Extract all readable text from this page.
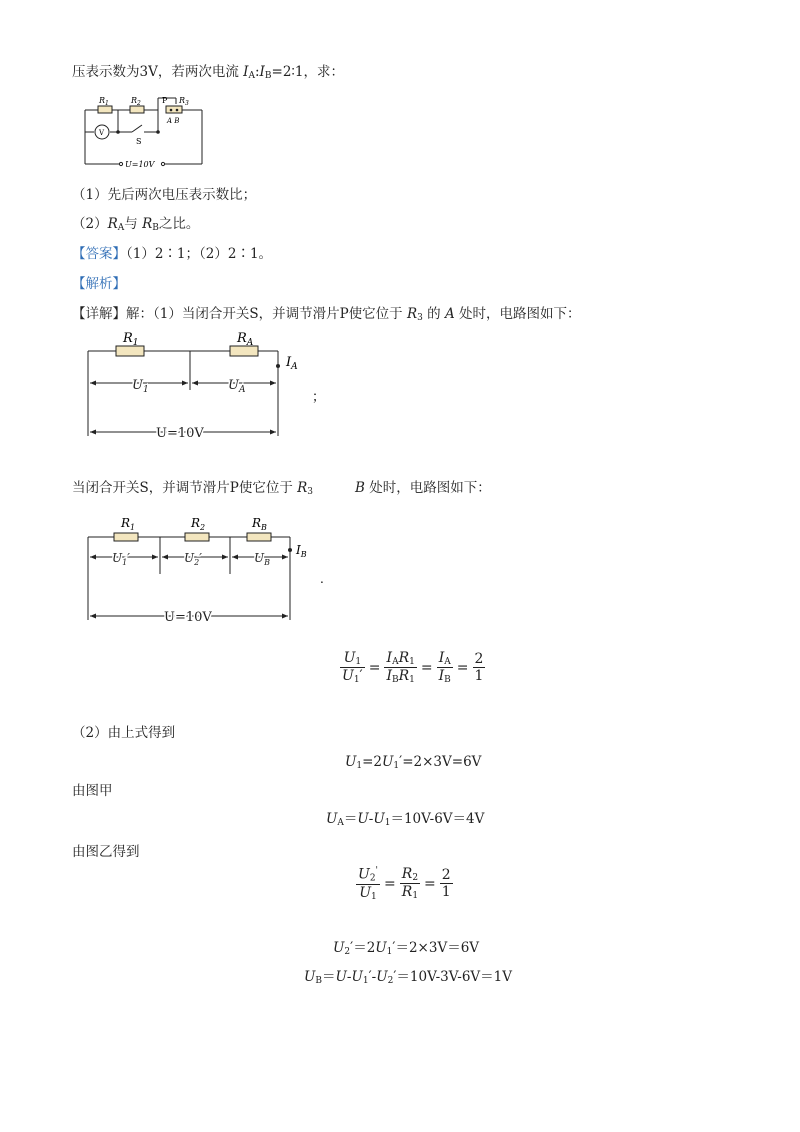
压表示数为3V，若两次电流 $I_A:I_B=2∶1$，求：
$R_1$	$R_2$	P $R_3$
A B
V
S
U=10V
（1）先后两次电压表示数比；
$(2)R_A$与 $R_B$之比。
【答案】（1）2∶1；（2）2∶1。
【解析】
【详解】解：（1）当闭合开关S，并调节滑片P使它位于 $R_3$ 的 A 处时，电路图如下：
$R_1$	$R_A$
$I_A$
$U_1$	$U_A$
U=10V
；
当闭合开关S，并调节滑片P使它位于 $R_3$	B 处时，电路图如下：
$R_1$	$R_2$	$R_B$
$I_B$
$U_1'$	$U_2'$	$U_B$
U=10V
.
$\frac{U_1}{U_1'} = \frac{I_AR_1}{I_BR_1} = \frac{I_A}{I_B} = \frac{2}{1}$
（2）由上式得到
$U_1=2U_1'=2\times 3V=6V$
由图甲
$U_A=U-U_1=10V-6V=4V$
由图乙得到
$\frac{U_2'}{U_1} = \frac{R_2}{R_1} = \frac{2}{1}$
$U_2'=2U_1'=2\times 3V=6V$
$U_B=U-U_1'-U_2'=10V-3V-6V=1V$
